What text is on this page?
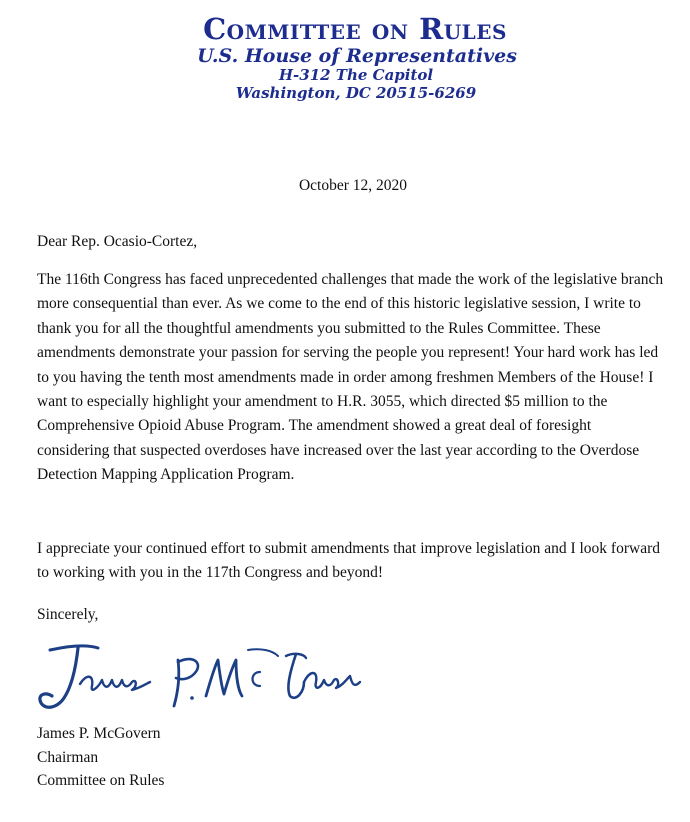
Committee on Rules
U.S. House of Representatives
H-312 The Capitol
Washington, DC 20515-6269
October 12, 2020
Dear Rep. Ocasio-Cortez,
The 116th Congress has faced unprecedented challenges that made the work of the legislative branch more consequential than ever. As we come to the end of this historic legislative session, I write to thank you for all the thoughtful amendments you submitted to the Rules Committee. These amendments demonstrate your passion for serving the people you represent! Your hard work has led to you having the tenth most amendments made in order among freshmen Members of the House! I want to especially highlight your amendment to H.R. 3055, which directed $5 million to the Comprehensive Opioid Abuse Program. The amendment showed a great deal of foresight considering that suspected overdoses have increased over the last year according to the Overdose Detection Mapping Application Program.
I appreciate your continued effort to submit amendments that improve legislation and I look forward to working with you in the 117th Congress and beyond!
Sincerely,
James P. McGovern
Chairman
Committee on Rules
